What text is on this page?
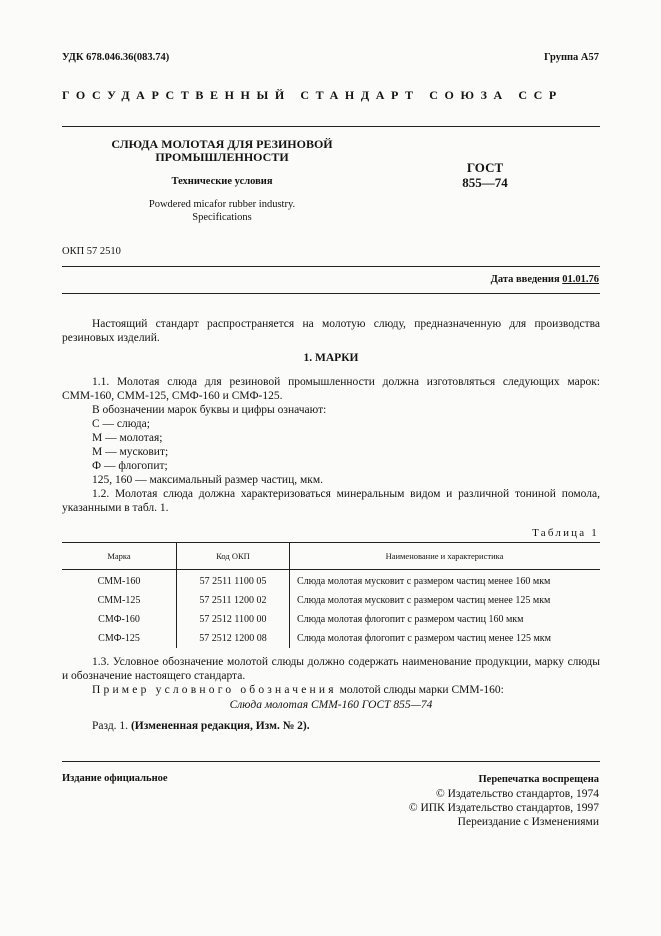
УДК 678.046.36(083.74)	Группа А57
ГОСУДАРСТВЕННЫЙ СТАНДАРТ СОЮЗА ССР
СЛЮДА МОЛОТАЯ ДЛЯ РЕЗИНОВОЙ
ПРОМЫШЛЕННОСТИ
Технические условия
Powdered micafor rubber industry.
Specifications
ГОСТ
855—74
ОКП 57 2510
Дата введения 01.01.76
Настоящий стандарт распространяется на молотую слюду, предназначенную для производства резиновых изделий.
1. МАРКИ
1.1. Молотая слюда для резиновой промышленности должна изготовляться следующих марок: СММ-160, СММ-125, СМФ-160 и СМФ-125.
В обозначении марок буквы и цифры означают:
С — слюда;
М — молотая;
М — мусковит;
Ф — флогопит;
125, 160 — максимальный размер частиц, мкм.
1.2. Молотая слюда должна характеризоваться минеральным видом и различной тониной помола, указанными в табл. 1.
Таблица 1
Марка	Код ОКП	Наименование и характеристика
СММ-160	57 2511 1100 05	Слюда молотая мусковит с размером частиц менее 160 мкм
СММ-125	57 2511 1200 02	Слюда молотая мусковит с размером частиц менее 125 мкм
СМФ-160	57 2512 1100 00	Слюда молотая флогопит с размером частиц 160 мкм
СМФ-125	57 2512 1200 08	Слюда молотая флогопит с размером частиц менее 125 мкм
1.3. Условное обозначение молотой слюды должно содержать наименование продукции, марку слюды и обозначение настоящего стандарта.
Пример условного обозначения молотой слюды марки СММ-160:
Слюда молотая СММ-160 ГОСТ 855—74
Разд. 1. (Измененная редакция, Изм. № 2).
Издание официальное	Перепечатка воспрещена
© Издательство стандартов, 1974
© ИПК Издательство стандартов, 1997
Переиздание с Изменениями
